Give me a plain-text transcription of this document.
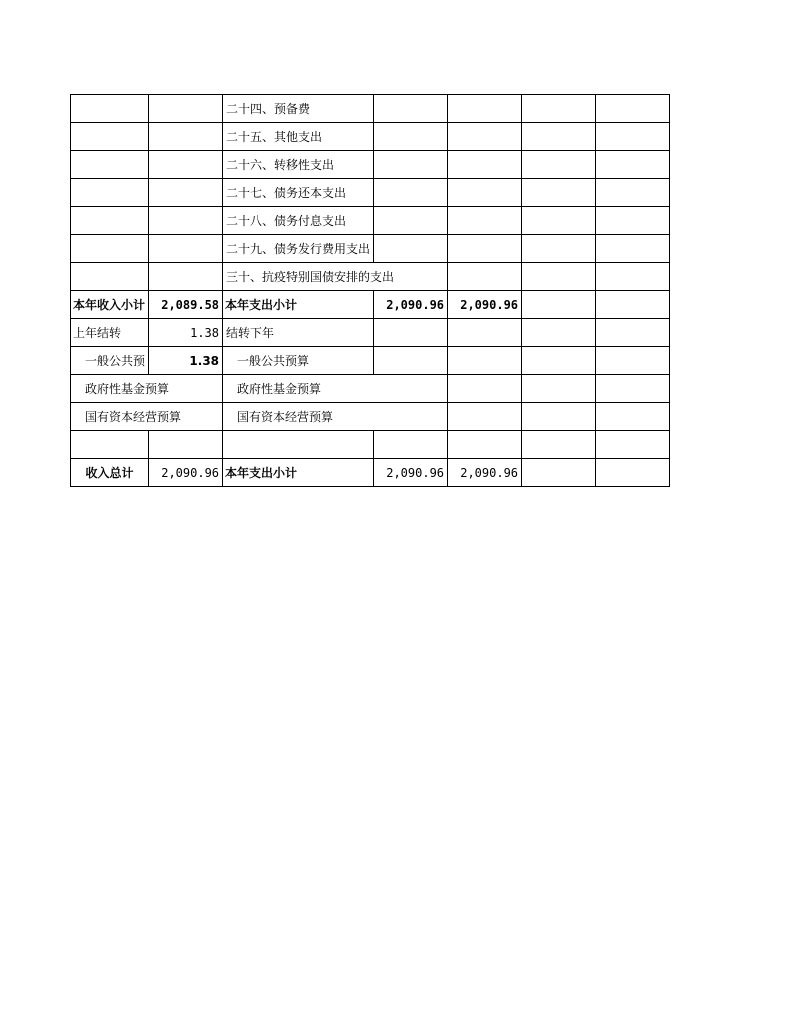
		二十四、预备费				
		二十五、其他支出				
		二十六、转移性支出				
		二十七、债务还本支出				
		二十八、债务付息支出				
		二十九、债务发行费用支出				
		三十、抗疫特别国债安排的支出				
本年收入小计	2,089.58	本年支出小计	2,090.96	2,090.96		
上年结转	1.38	结转下年				
一般公共预	1.38	一般公共预算				
政府性基金预算		政府性基金预算				
国有资本经营预算		国有资本经营预算				

收入总计	2,090.96	本年支出小计	2,090.96	2,090.96		
